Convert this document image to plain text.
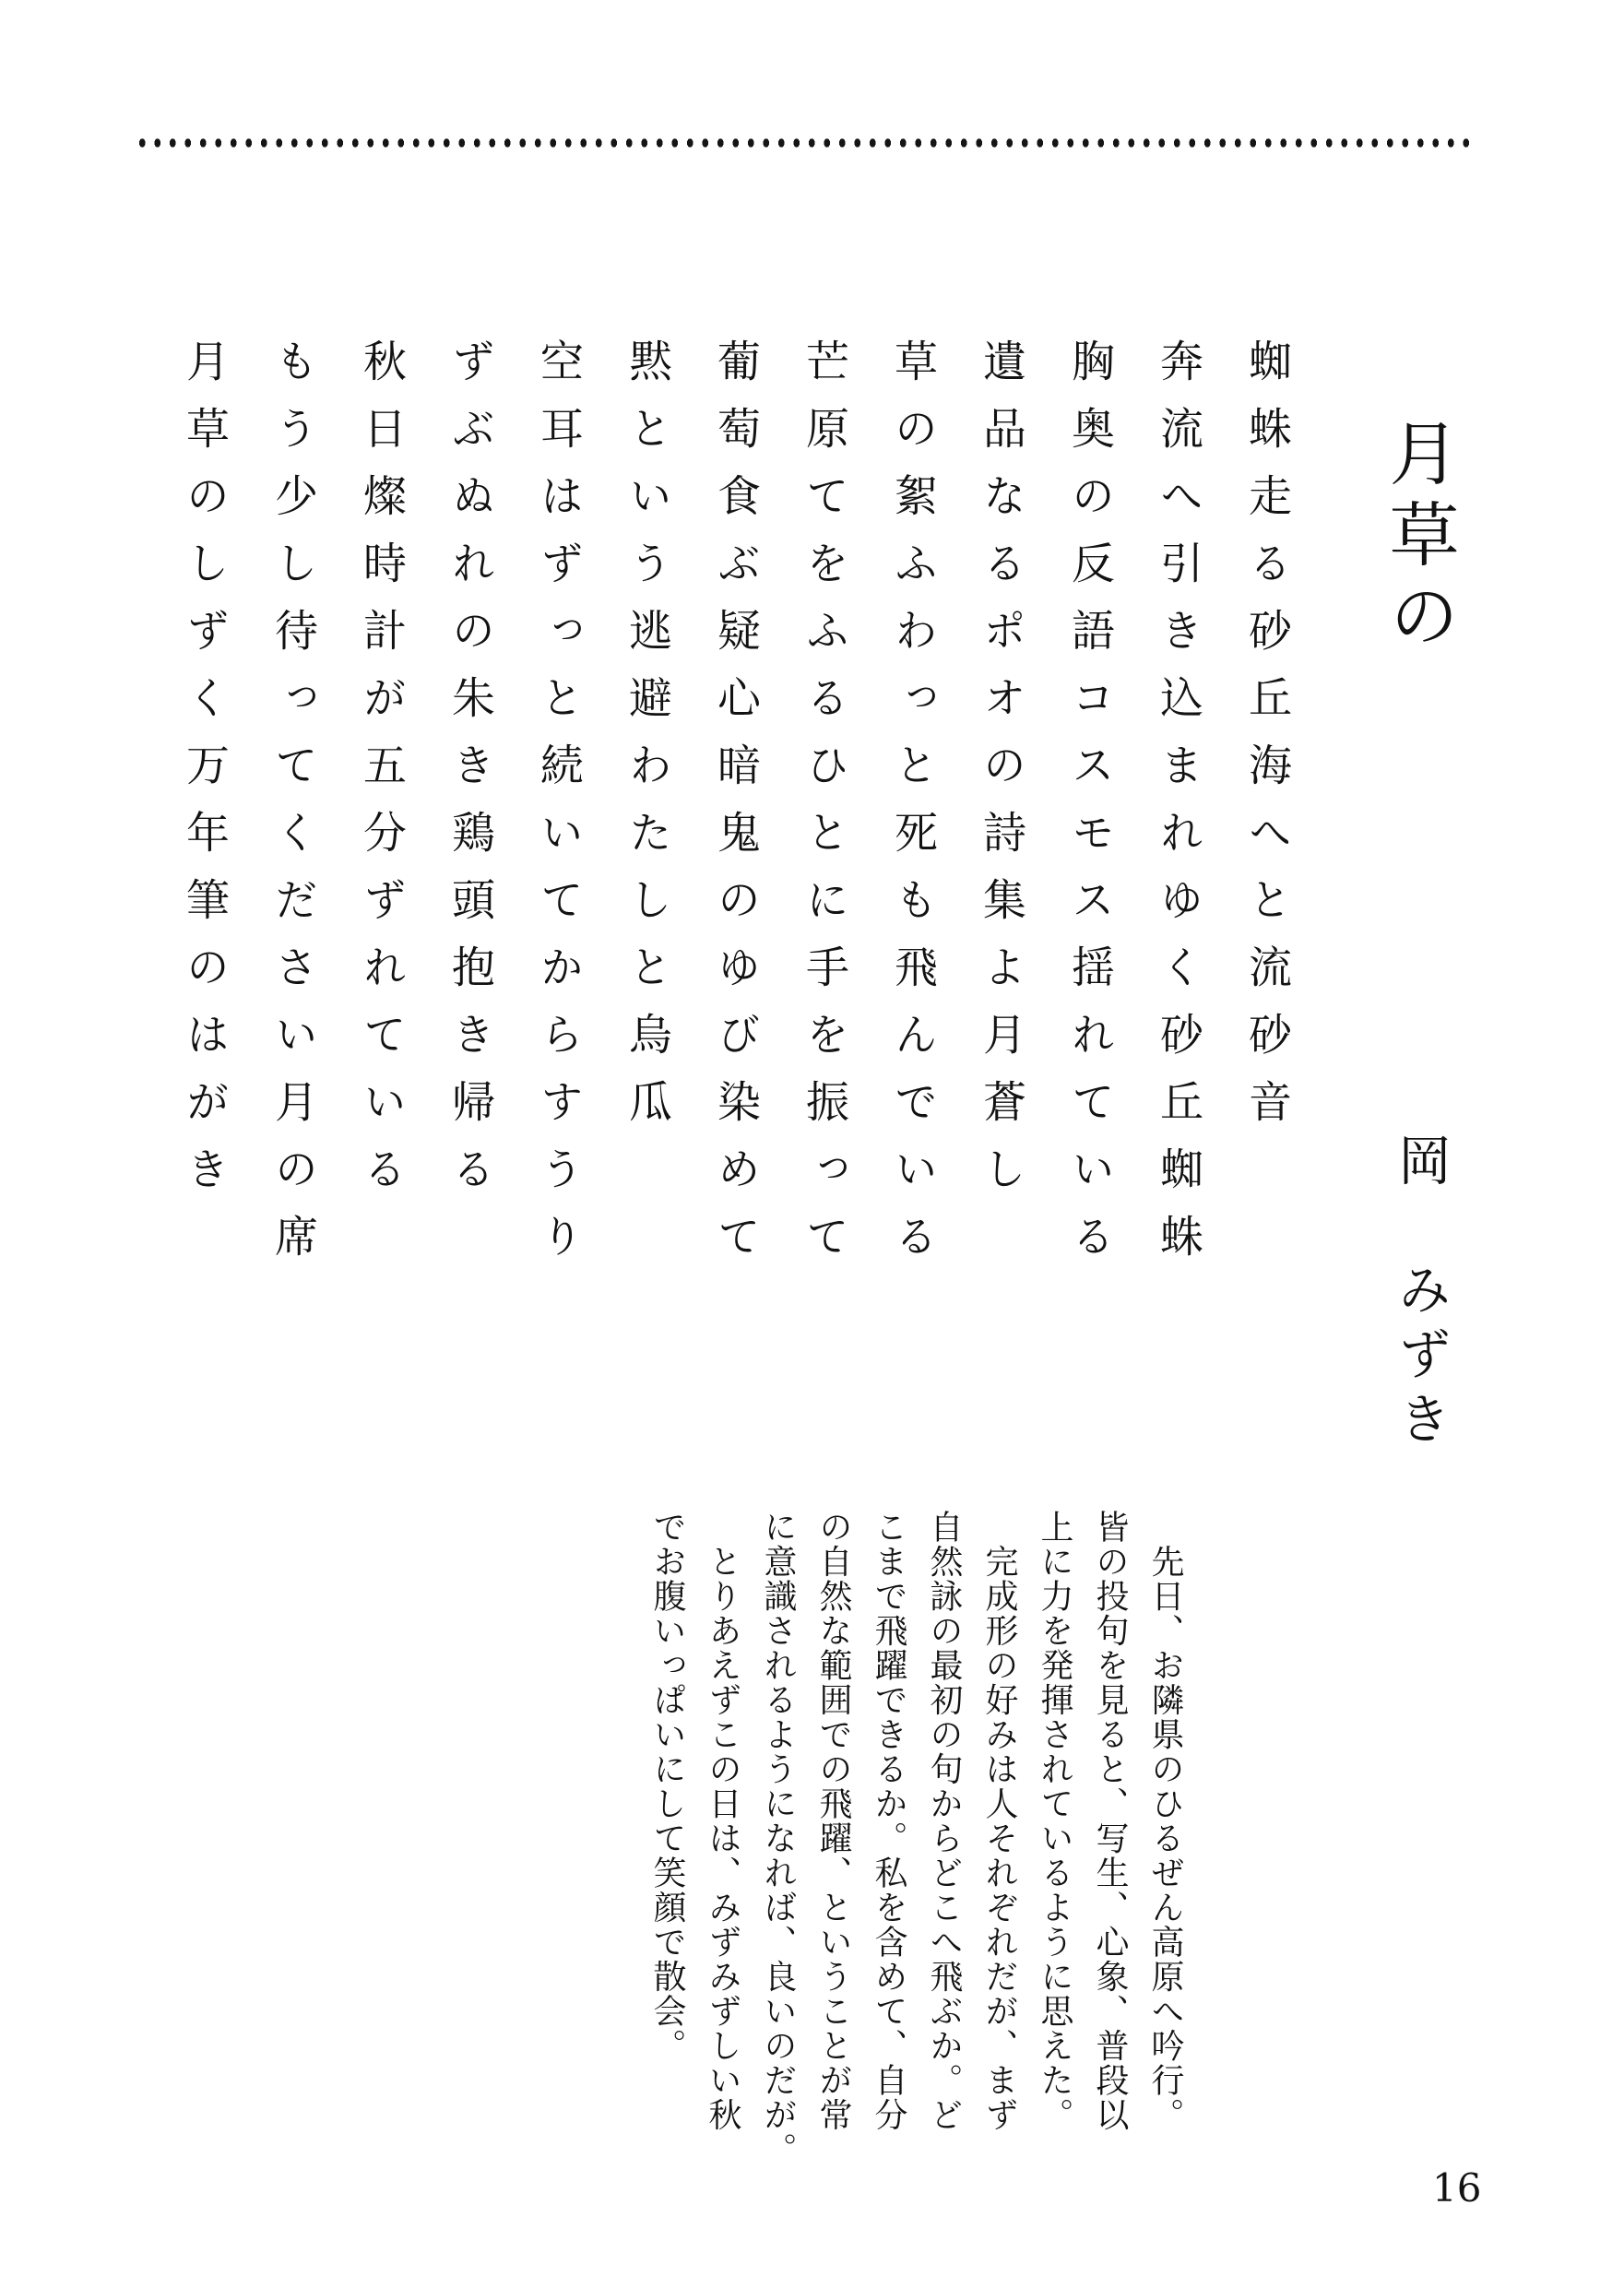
月草の
岡　みずき
蜘蛛走る砂丘海へと流砂音
奔流へ引き込まれゆく砂丘蜘蛛
胸奥の反語コスモス揺れている
遺品なるポオの詩集よ月蒼し
草の絮ふわっと死も飛んでいる
芒原てをふるひとに手を振って
葡萄食ぶ疑心暗鬼のゆび染めて
黙という逃避わたしと烏瓜
空耳はずっと続いてからすうり
ずぶぬれの朱き鶏頭抱き帰る
秋日燦時計が五分ずれている
もう少し待ってください月の席
月草のしずく万年筆のはがき
　先日、お隣県のひるぜん高原へ吟行。
皆の投句を見ると、写生、心象、普段以
上に力を発揮されているように思えた。
　完成形の好みは人それぞれだが、まず
自然詠の最初の句からどこへ飛ぶか。ど
こまで飛躍できるか。私を含めて、自分
の自然な範囲での飛躍、ということが常
に意識されるようになれば、良いのだが。
　とりあえずこの日は、みずみずしい秋
でお腹いっぱいにして笑顔で散会。
16
